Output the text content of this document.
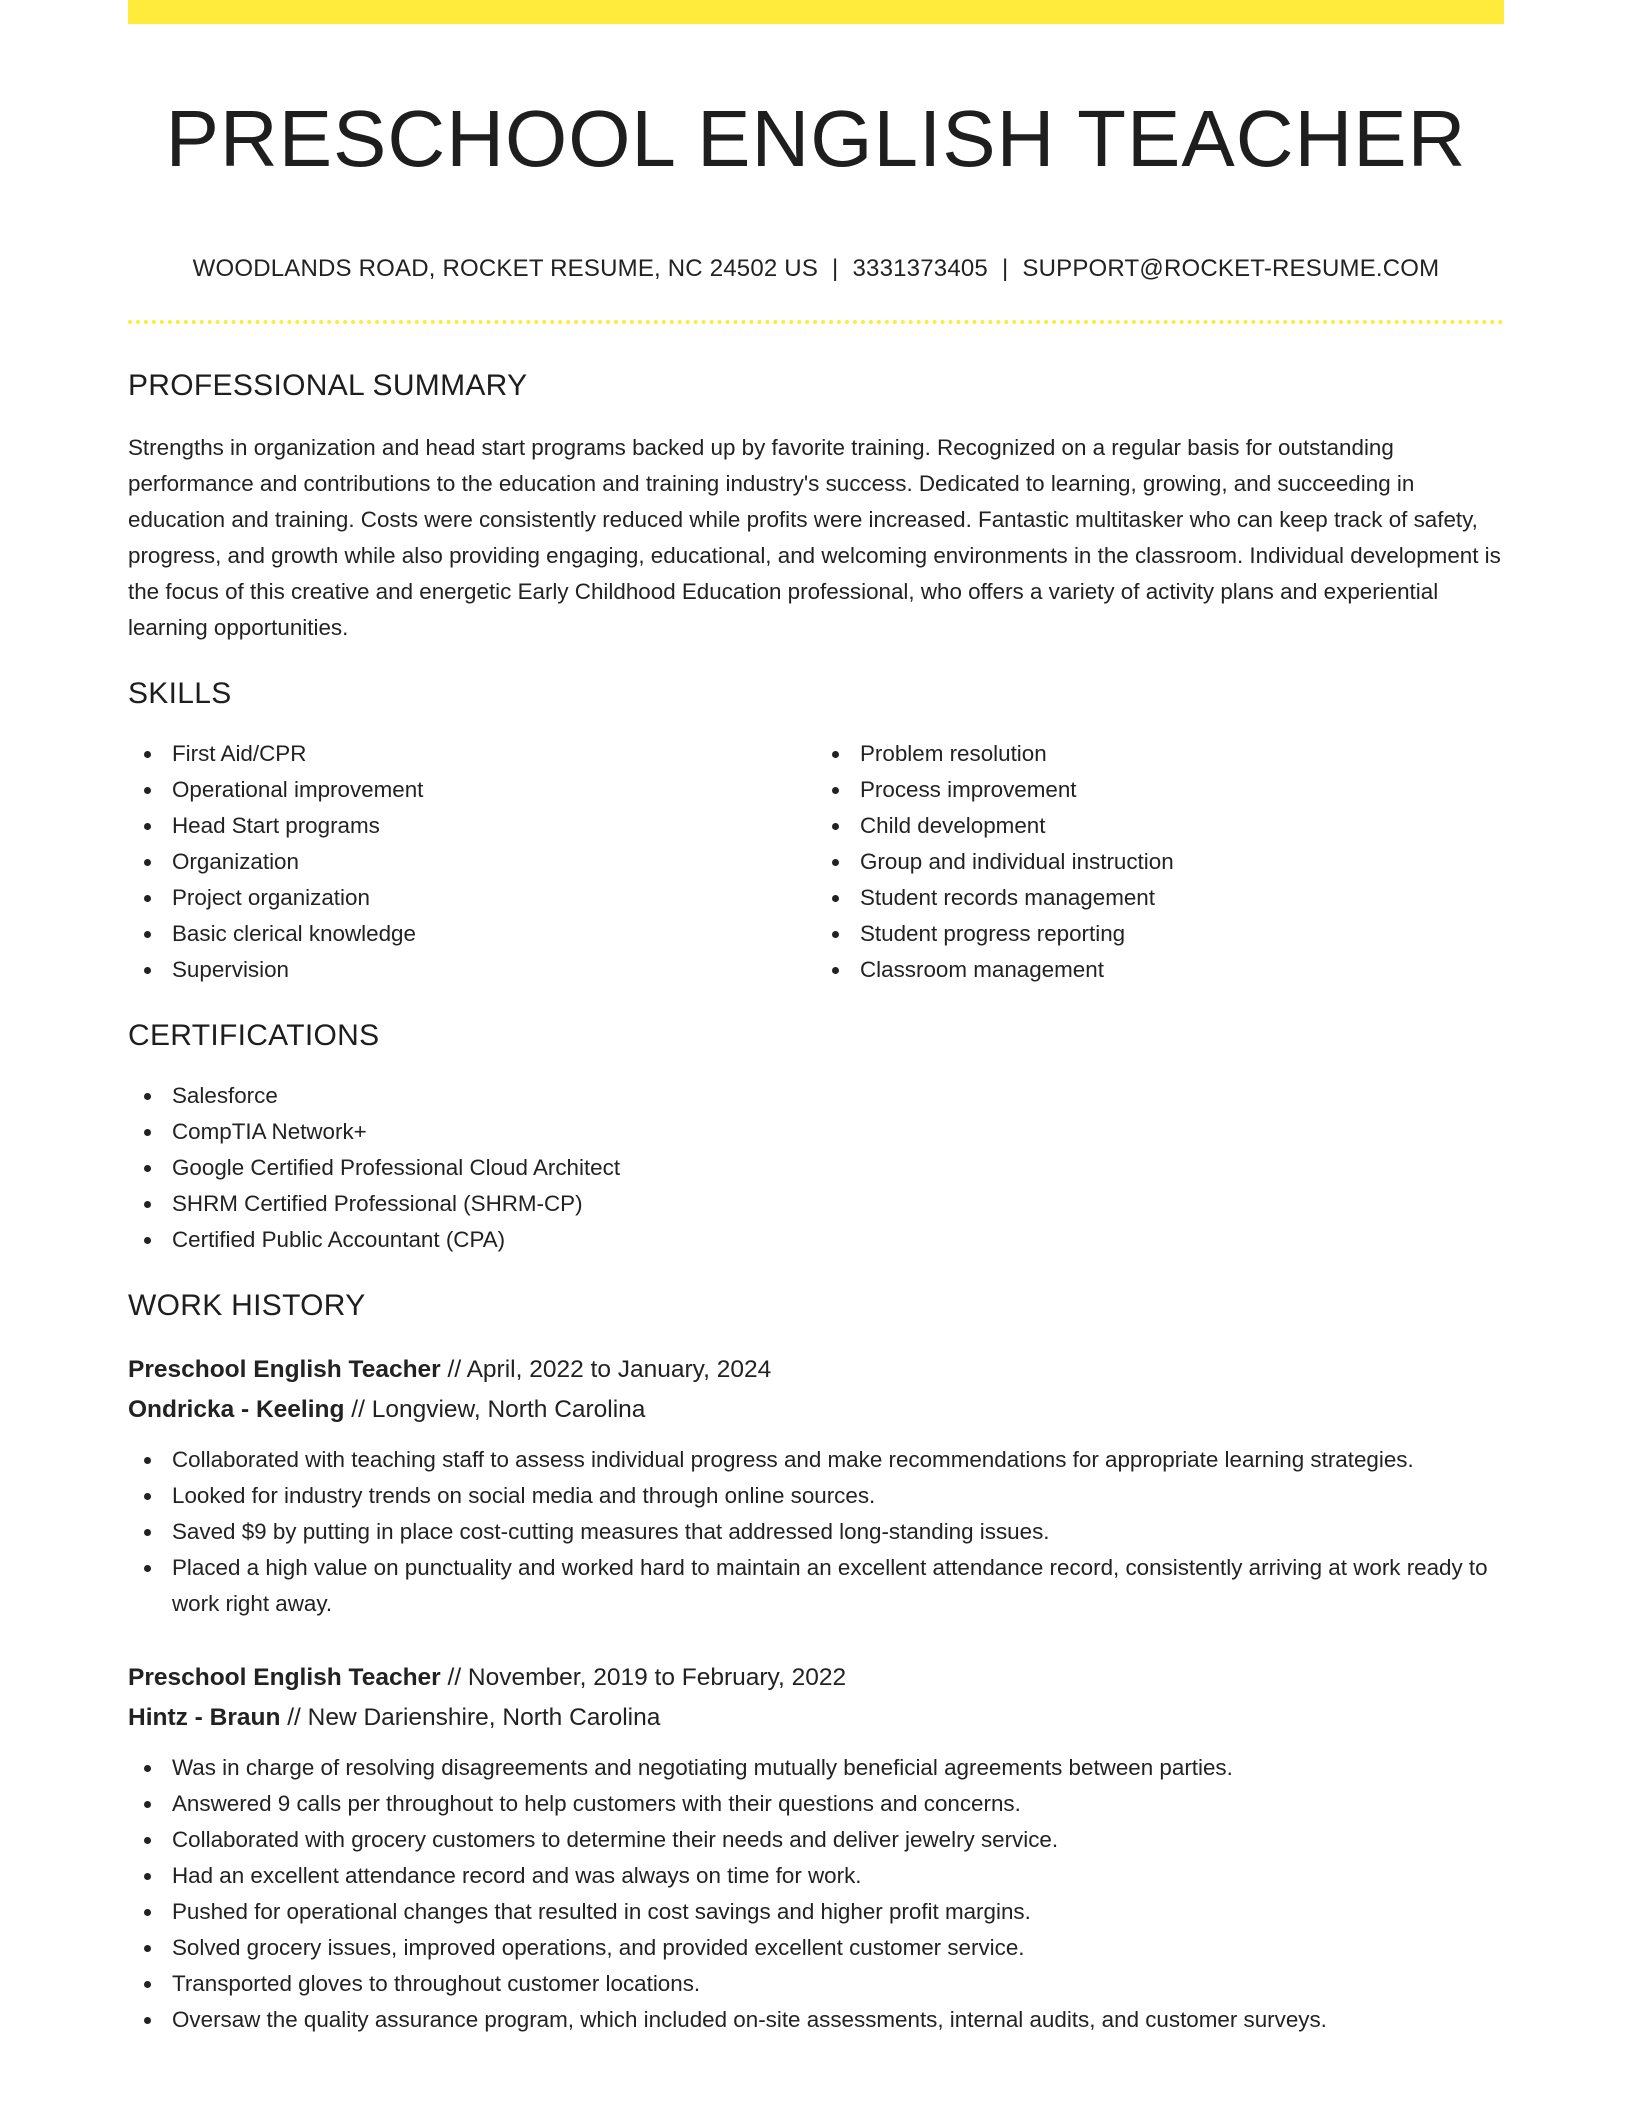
PRESCHOOL ENGLISH TEACHER
WOODLANDS ROAD, ROCKET RESUME, NC 24502 US | 3331373405 | SUPPORT@ROCKET-RESUME.COM
PROFESSIONAL SUMMARY

Strengths in organization and head start programs backed up by favorite training. Recognized on a regular basis for outstanding performance and contributions to the education and training industry's success. Dedicated to learning, growing, and succeeding in education and training. Costs were consistently reduced while profits were increased. Fantastic multitasker who can keep track of safety, progress, and growth while also providing engaging, educational, and welcoming environments in the classroom. Individual development is the focus of this creative and energetic Early Childhood Education professional, who offers a variety of activity plans and experiential learning opportunities.

SKILLS
First Aid/CPR
Operational improvement
Head Start programs
Organization
Project organization
Basic clerical knowledge
Supervision
Problem resolution
Process improvement
Child development
Group and individual instruction
Student records management
Student progress reporting
Classroom management
CERTIFICATIONS
Salesforce
CompTIA Network+
Google Certified Professional Cloud Architect
SHRM Certified Professional (SHRM-CP)
Certified Public Accountant (CPA)
WORK HISTORY
Preschool English Teacher // April, 2022 to January, 2024
Ondricka - Keeling // Longview, North Carolina
Collaborated with teaching staff to assess individual progress and make recommendations for appropriate learning strategies.
Looked for industry trends on social media and through online sources.
Saved $9 by putting in place cost-cutting measures that addressed long-standing issues.
Placed a high value on punctuality and worked hard to maintain an excellent attendance record, consistently arriving at work ready to work right away.
Preschool English Teacher // November, 2019 to February, 2022
Hintz - Braun // New Darienshire, North Carolina
Was in charge of resolving disagreements and negotiating mutually beneficial agreements between parties.
Answered 9 calls per throughout to help customers with their questions and concerns.
Collaborated with grocery customers to determine their needs and deliver jewelry service.
Had an excellent attendance record and was always on time for work.
Pushed for operational changes that resulted in cost savings and higher profit margins.
Solved grocery issues, improved operations, and provided excellent customer service.
Transported gloves to throughout customer locations.
Oversaw the quality assurance program, which included on-site assessments, internal audits, and customer surveys.
